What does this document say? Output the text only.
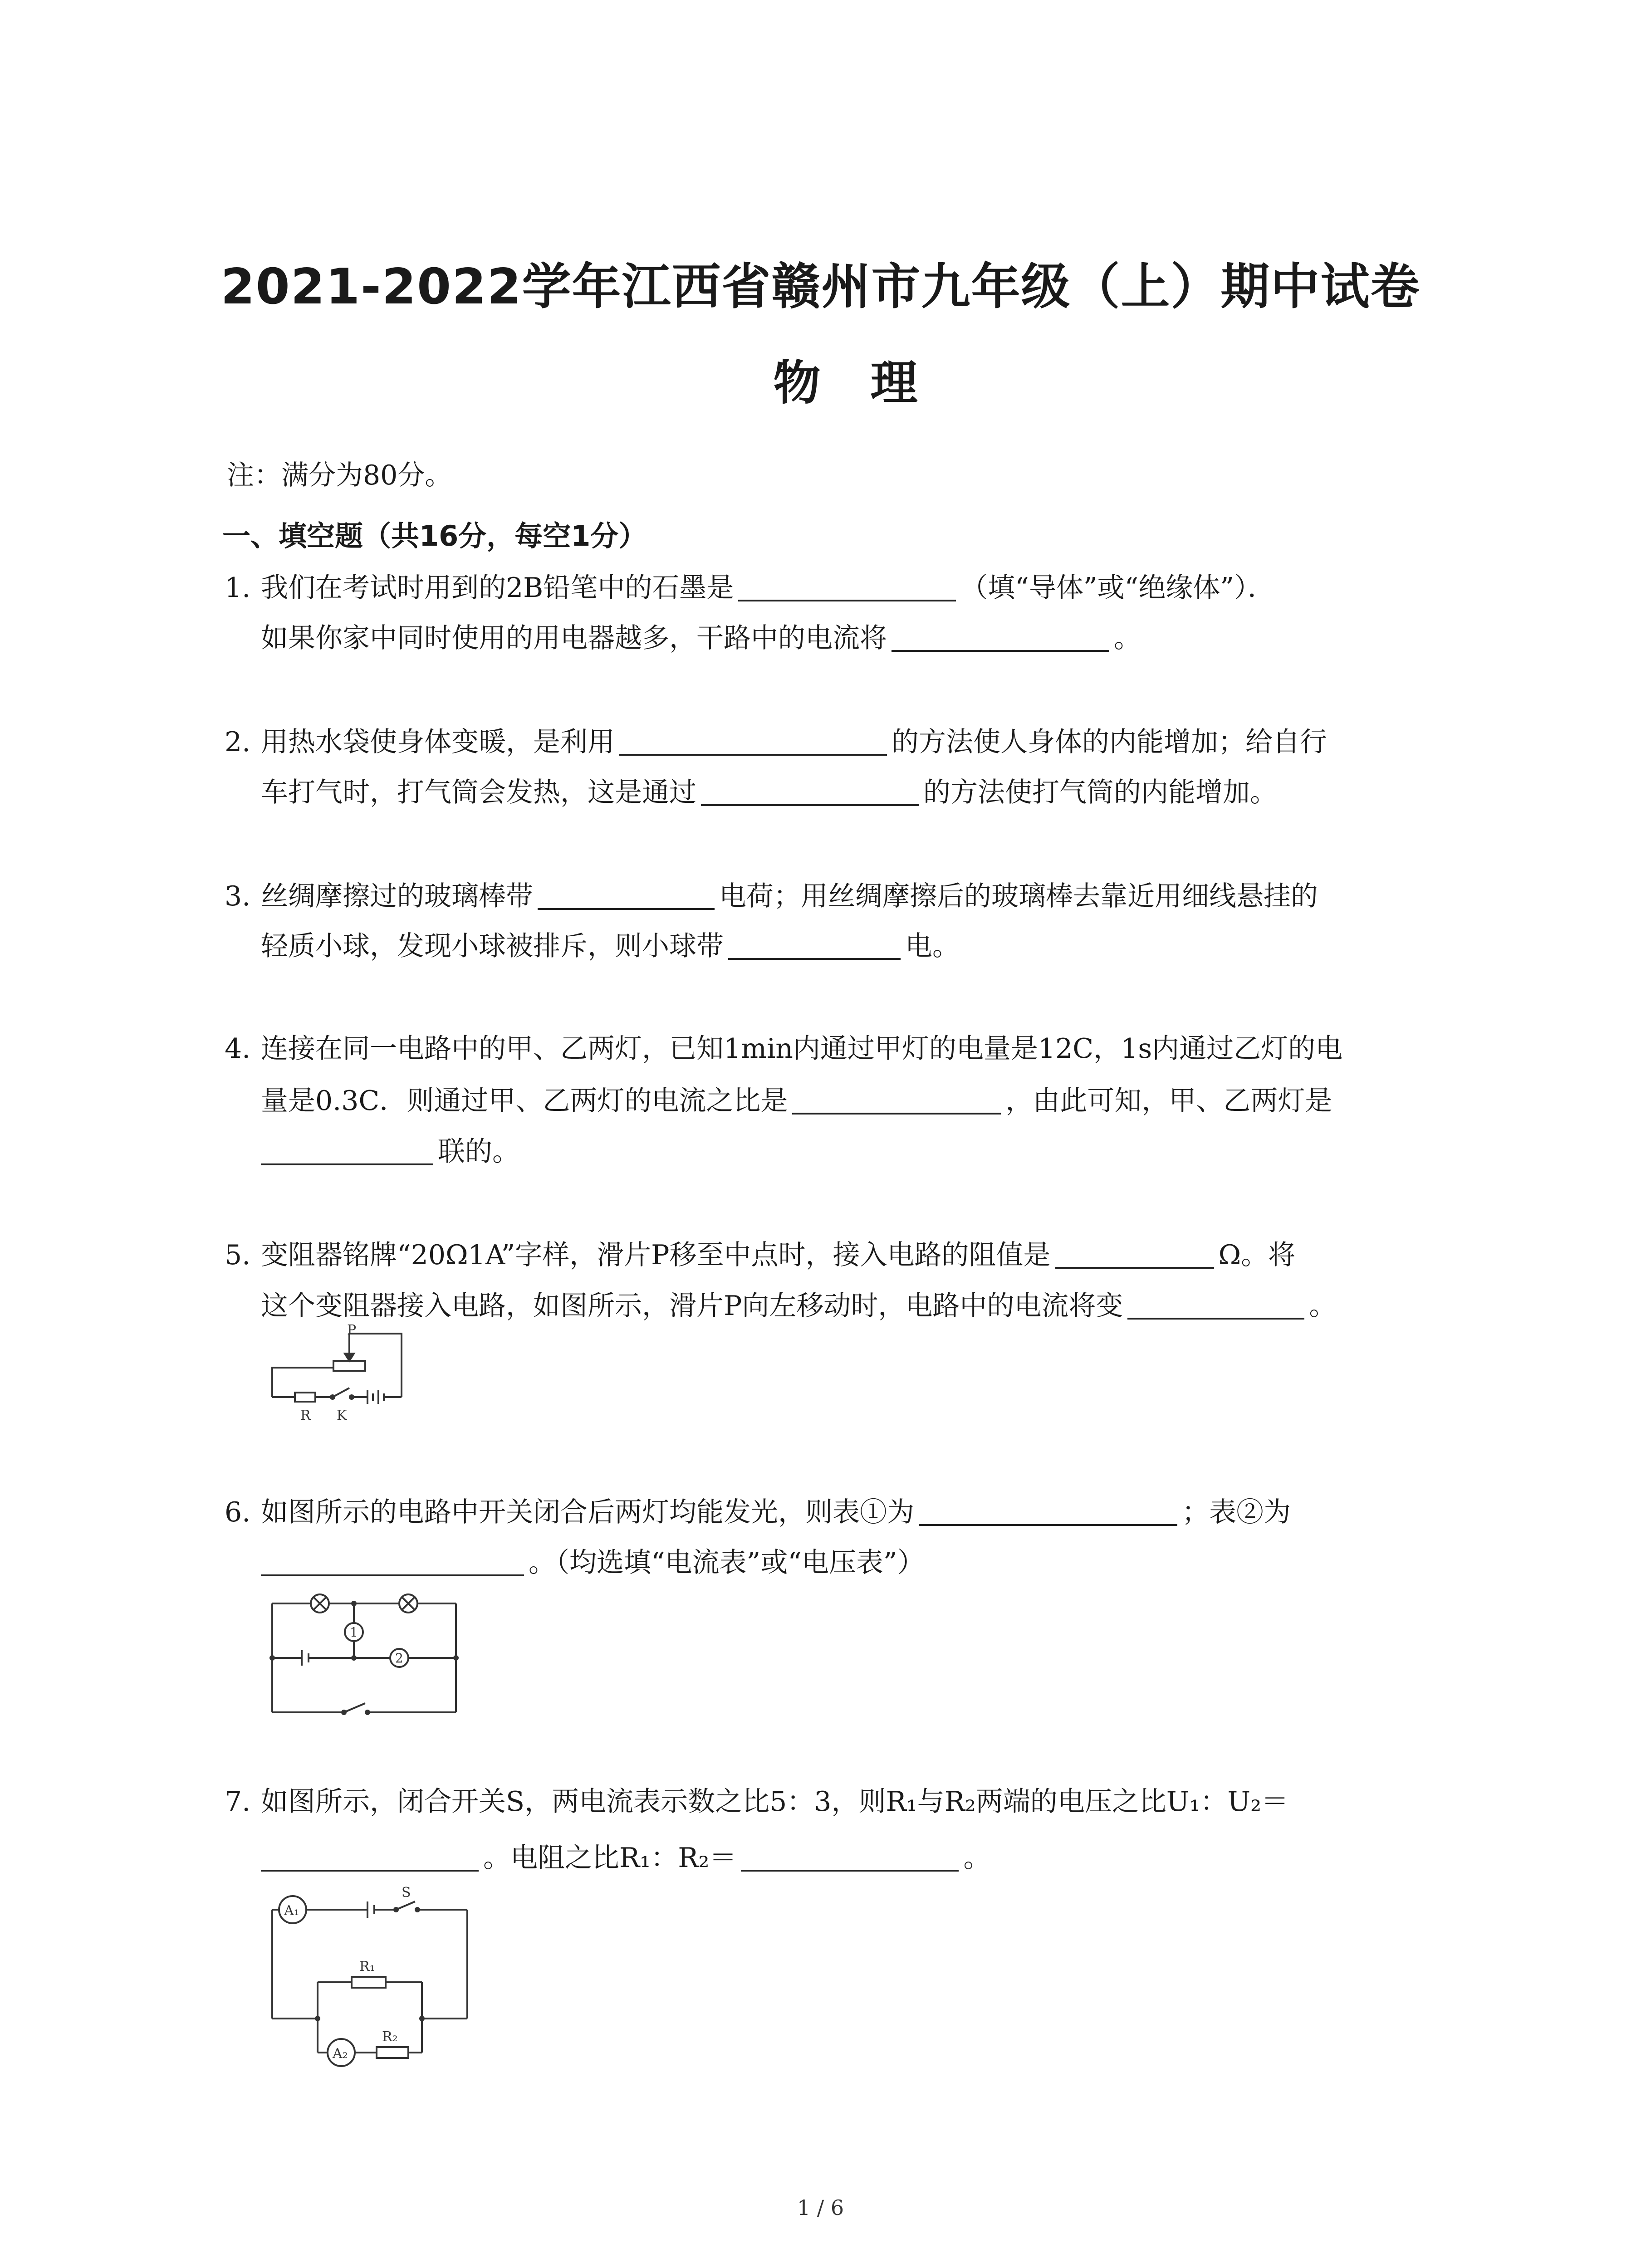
2021-2022学年江西省赣州市九年级（上）期中试卷
物理
注：满分为80分。
一、填空题（共16分，每空1分）
1. 我们在考试时用到的2B铅笔中的石墨是	（填“导体”或“绝缘体”）．
如果你家中同时使用的用电器越多，干路中的电流将	。
2. 用热水袋使身体变暖，是利用	的方法使人身体的内能增加；给自行
车打气时，打气筒会发热，这是通过	的方法使打气筒的内能增加。
3. 丝绸摩擦过的玻璃棒带	电荷；用丝绸摩擦后的玻璃棒去靠近用细线悬挂的
轻质小球，发现小球被排斥，则小球带	电。
4. 连接在同一电路中的甲、乙两灯，已知1min内通过甲灯的电量是12C，1s内通过乙灯的电
量是0.3C．则通过甲、乙两灯的电流之比是	，由此可知，甲、乙两灯是
联的。
5. 变阻器铭牌“20Ω1A”字样，滑片P移至中点时，接入电路的阻值是	Ω。将
这个变阻器接入电路，如图所示，滑片P向左移动时，电路中的电流将变	。
P
R K
6. 如图所示的电路中开关闭合后两灯均能发光，则表①为	；表②为
。（均选填“电流表”或“电压表”）
1
2
7. 如图所示，闭合开关S，两电流表示数之比5：3，则R₁与R₂两端的电压之比U₁：U₂＝
。电阻之比R₁：R₂＝	。
A₁
A₂
S
R₁
R₂
1 / 6
